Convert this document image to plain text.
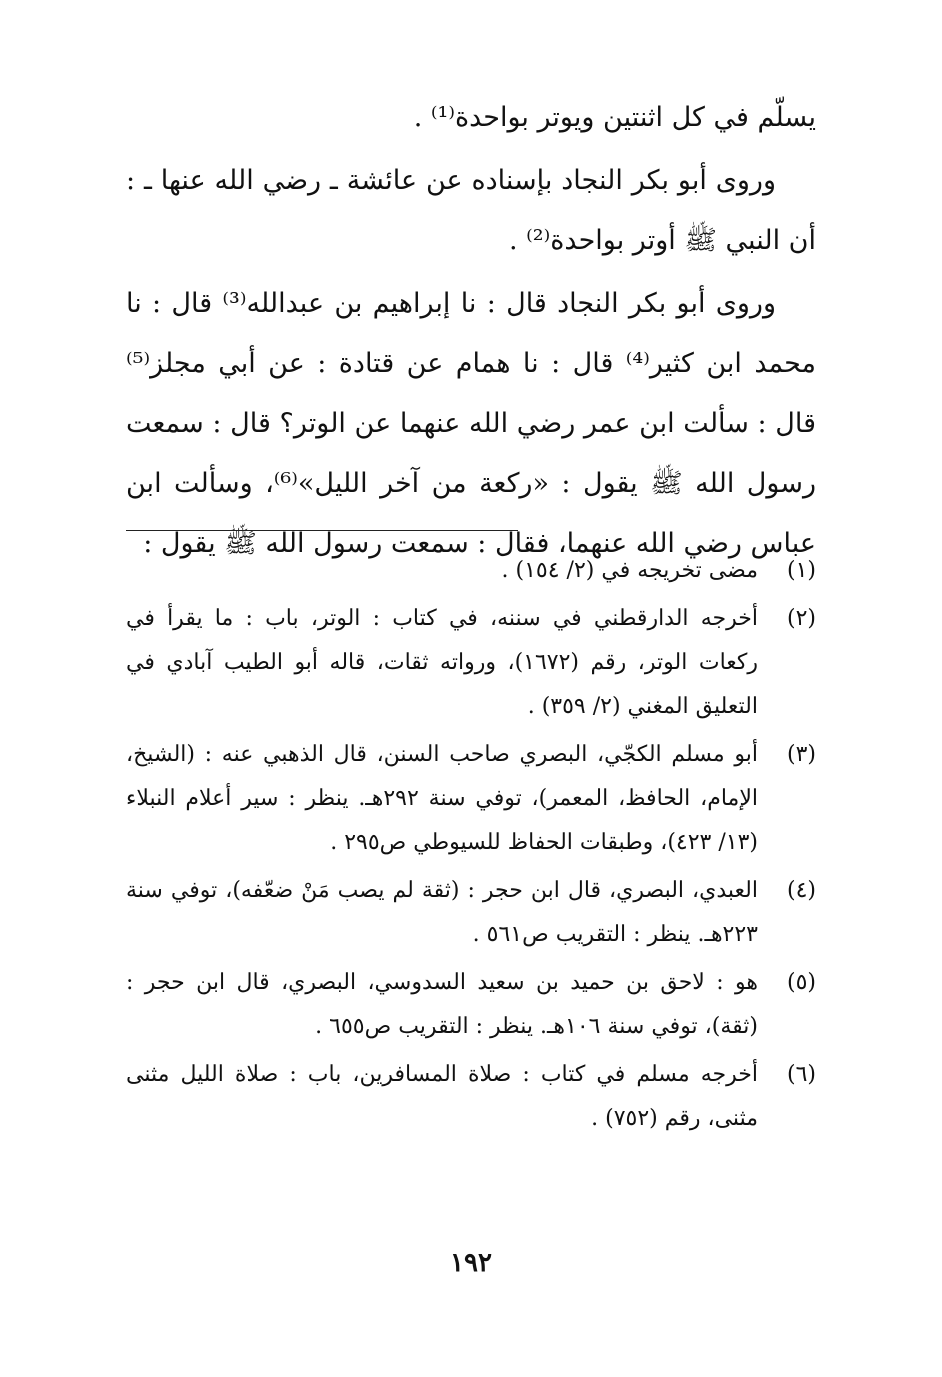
يسلّم في كل اثنتين ويوتر بواحدة⁽¹⁾ .

وروى أبو بكر النجاد بإسناده عن عائشة ـ رضي الله عنها ـ : أن النبي ﷺ أوتر بواحدة⁽²⁾ .

وروى أبو بكر النجاد قال : نا إبراهيم بن عبدالله⁽³⁾ قال : نا محمد ابن كثير⁽⁴⁾ قال : نا همام عن قتادة : عن أبي مجلز⁽⁵⁾ قال : سألت ابن عمر رضي الله عنهما عن الوتر؟ قال : سمعت رسول الله ﷺ يقول : «ركعة من آخر الليل»⁽⁶⁾، وسألت ابن عباس رضي الله عنهما، فقال : سمعت رسول الله ﷺ يقول :

(١)
مضى تخريجه في (٢/ ١٥٤) .
(٢)
أخرجه الدارقطني في سننه، في كتاب : الوتر، باب : ما يقرأ في ركعات الوتر، رقم (١٦٧٢)، ورواته ثقات، قاله أبو الطيب آبادي في التعليق المغني (٢/ ٣٥٩) .
(٣)
أبو مسلم الكجّي، البصري صاحب السنن، قال الذهبي عنه : (الشيخ، الإمام، الحافظ، المعمر)، توفي سنة ٢٩٢هـ. ينظر : سير أعلام النبلاء (١٣/ ٤٢٣)، وطبقات الحفاظ للسيوطي ص٢٩٥ .
(٤)
العبدي، البصري، قال ابن حجر : (ثقة لم يصب مَنْ ضعّفه)، توفي سنة ٢٢٣هـ. ينظر : التقريب ص٥٦١ .
(٥)
هو : لاحق بن حميد بن سعيد السدوسي، البصري، قال ابن حجر : (ثقة)، توفي سنة ١٠٦هـ. ينظر : التقريب ص٦٥٥ .
(٦)
أخرجه مسلم في كتاب : صلاة المسافرين، باب : صلاة الليل مثنى مثنى، رقم (٧٥٢) .
١٩٢
